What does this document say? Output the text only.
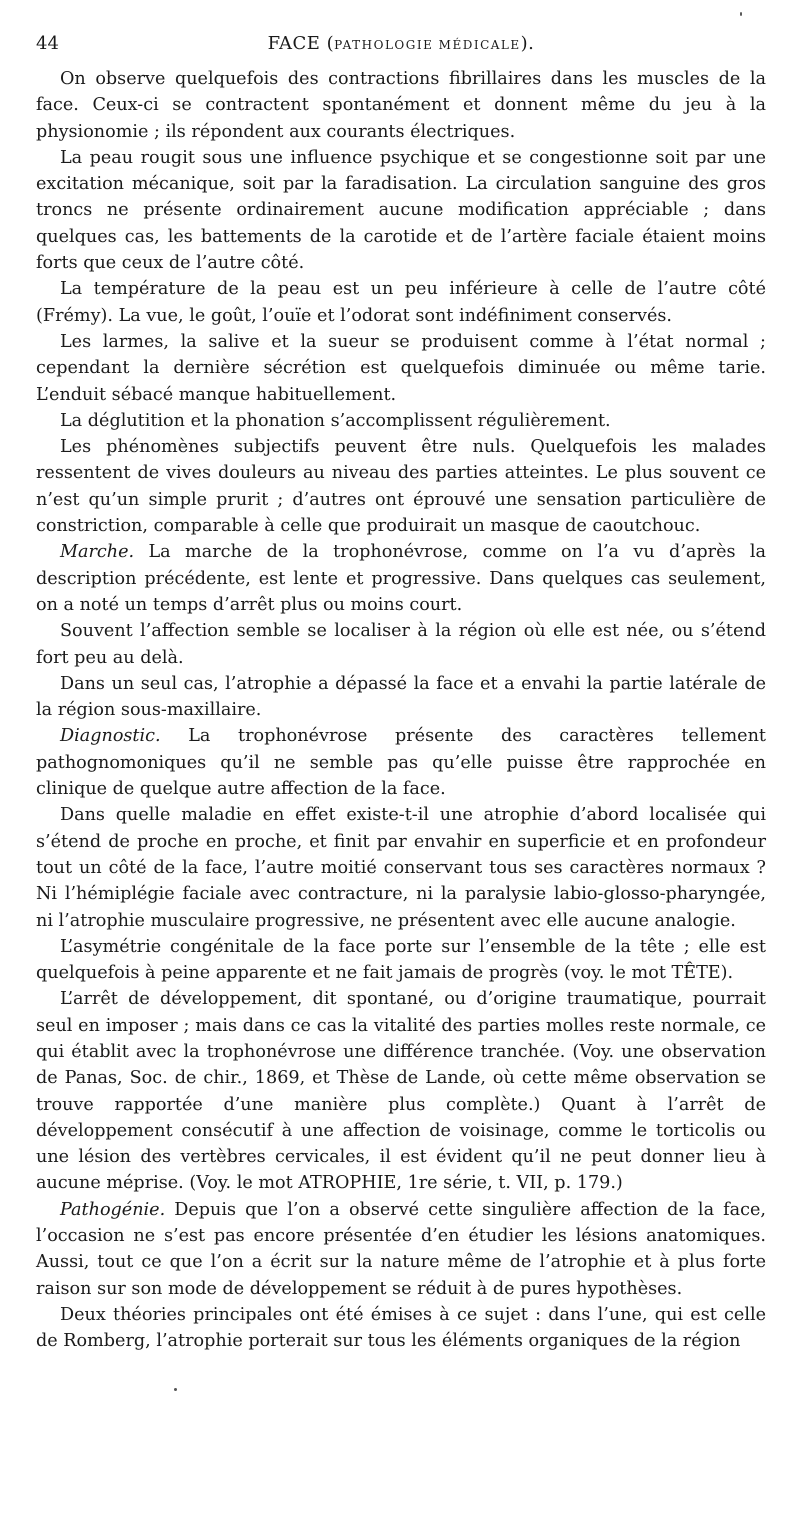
44	FACE (PATHOLOGIE MÉDICALE).

On observe quelquefois des contractions fibrillaires dans les muscles de la face. Ceux-ci se contractent spontanément et donnent même du jeu à la physionomie ; ils répondent aux courants électriques.

La peau rougit sous une influence psychique et se congestionne soit par une excitation mécanique, soit par la faradisation. La circulation sanguine des gros troncs ne présente ordinairement aucune modification appréciable ; dans quelques cas, les battements de la carotide et de l’artère faciale étaient moins forts que ceux de l’autre côté.

La température de la peau est un peu inférieure à celle de l’autre côté (Frémy). La vue, le goût, l’ouïe et l’odorat sont indéfiniment conservés.

Les larmes, la salive et la sueur se produisent comme à l’état normal ; cependant la dernière sécrétion est quelquefois diminuée ou même tarie. L’enduit sébacé manque habituellement.

La déglutition et la phonation s’accomplissent régulièrement.

Les phénomènes subjectifs peuvent être nuls. Quelquefois les malades ressentent de vives douleurs au niveau des parties atteintes. Le plus souvent ce n’est qu’un simple prurit ; d’autres ont éprouvé une sensation particulière de constriction, comparable à celle que produirait un masque de caoutchouc.

Marche. La marche de la trophonévrose, comme on l’a vu d’après la description précédente, est lente et progressive. Dans quelques cas seulement, on a noté un temps d’arrêt plus ou moins court.

Souvent l’affection semble se localiser à la région où elle est née, ou s’étend fort peu au delà.

Dans un seul cas, l’atrophie a dépassé la face et a envahi la partie latérale de la région sous-maxillaire.

Diagnostic. La trophonévrose présente des caractères tellement pathognomoniques qu’il ne semble pas qu’elle puisse être rapprochée en clinique de quelque autre affection de la face.

Dans quelle maladie en effet existe-t-il une atrophie d’abord localisée qui s’étend de proche en proche, et finit par envahir en superficie et en profondeur tout un côté de la face, l’autre moitié conservant tous ses caractères normaux ? Ni l’hémiplégie faciale avec contracture, ni la paralysie labio-glosso-pharyngée, ni l’atrophie musculaire progressive, ne présentent avec elle aucune analogie.

L’asymétrie congénitale de la face porte sur l’ensemble de la tête ; elle est quelquefois à peine apparente et ne fait jamais de progrès (voy. le mot TÊTE).

L’arrêt de développement, dit spontané, ou d’origine traumatique, pourrait seul en imposer ; mais dans ce cas la vitalité des parties molles reste normale, ce qui établit avec la trophonévrose une différence tranchée. (Voy. une observation de Panas, Soc. de chir., 1869, et Thèse de Lande, où cette même observation se trouve rapportée d’une manière plus complète.) Quant à l’arrêt de développement consécutif à une affection de voisinage, comme le torticolis ou une lésion des vertèbres cervicales, il est évident qu’il ne peut donner lieu à aucune méprise. (Voy. le mot ATROPHIE, 1re série, t. VII, p. 179.)

Pathogénie. Depuis que l’on a observé cette singulière affection de la face, l’occasion ne s’est pas encore présentée d’en étudier les lésions anatomiques. Aussi, tout ce que l’on a écrit sur la nature même de l’atrophie et à plus forte raison sur son mode de développement se réduit à de pures hypothèses.

Deux théories principales ont été émises à ce sujet : dans l’une, qui est celle de Romberg, l’atrophie porterait sur tous les éléments organiques de la région
